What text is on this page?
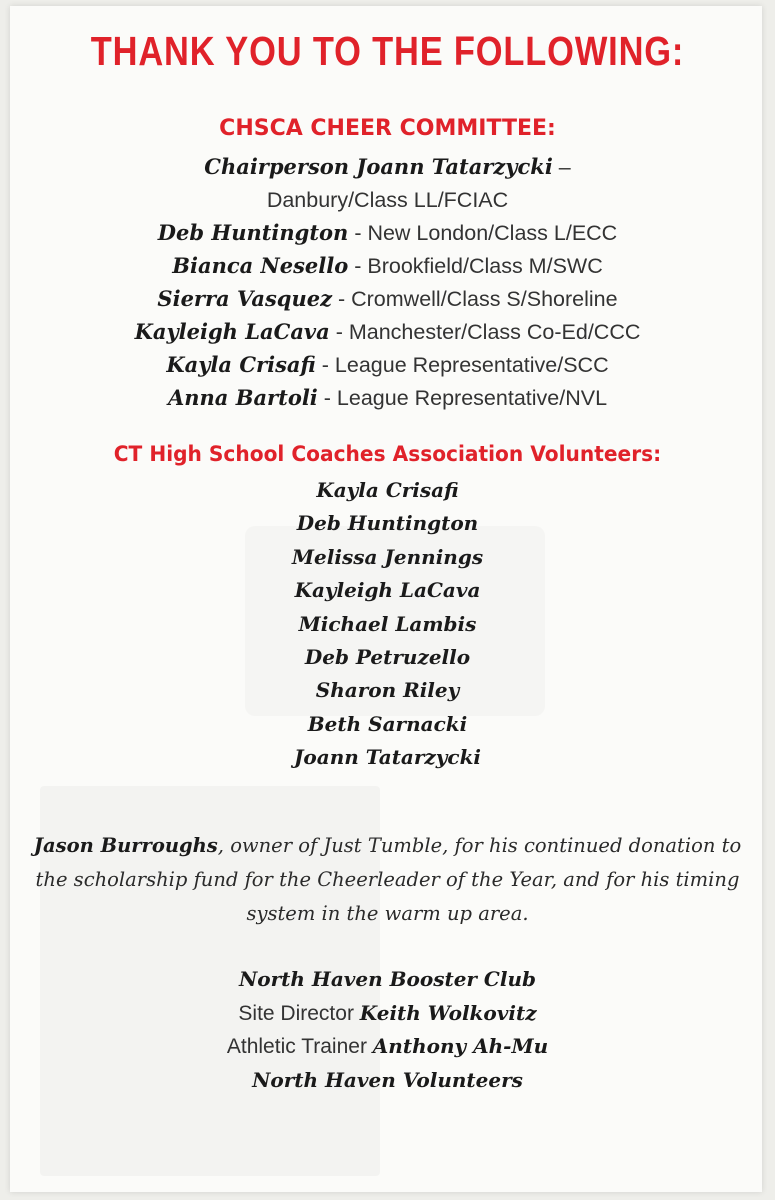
THANK YOU TO THE FOLLOWING:
CHSCA CHEER COMMITTEE:
Chairperson Joann Tatarzycki –
Danbury/Class LL/FCIAC
Deb Huntington - New London/Class L/ECC
Bianca Nesello - Brookfield/Class M/SWC
Sierra Vasquez - Cromwell/Class S/Shoreline
Kayleigh LaCava - Manchester/Class Co-Ed/CCC
Kayla Crisafi - League Representative/SCC
Anna Bartoli - League Representative/NVL
CT High School Coaches Association Volunteers:
Kayla Crisafi
Deb Huntington
Melissa Jennings
Kayleigh LaCava
Michael Lambis
Deb Petruzello
Sharon Riley
Beth Sarnacki
Joann Tatarzycki

Jason Burroughs, owner of Just Tumble, for his continued donation to the scholarship fund for the Cheerleader of the Year, and for his timing system in the warm up area.

North Haven Booster Club
Site Director Keith Wolkovitz
Athletic Trainer Anthony Ah-Mu
North Haven Volunteers
